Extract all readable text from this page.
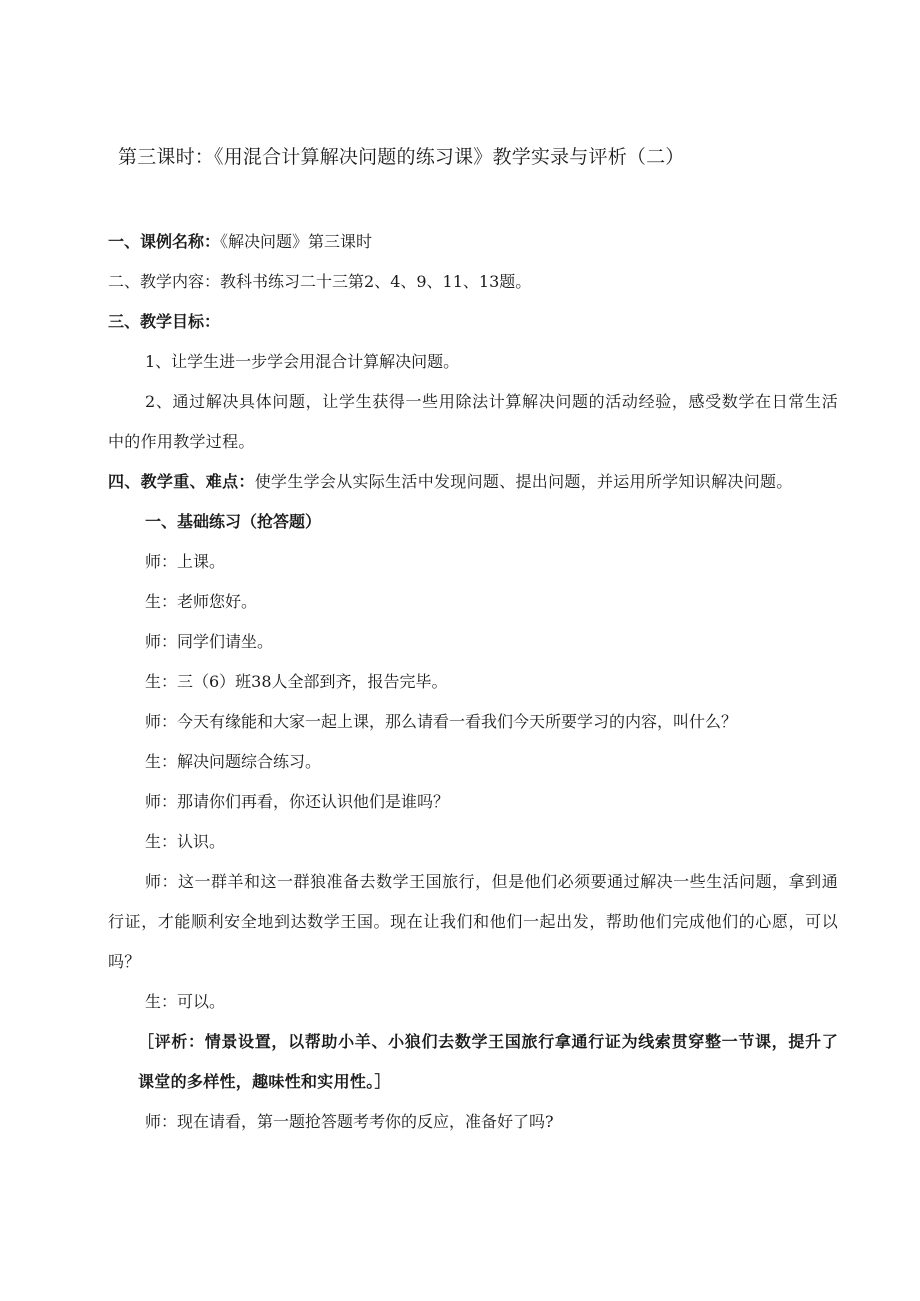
第三课时：《用混合计算解决问题的练习课》教学实录与评析（二）

一、课例名称：《解决问题》第三课时

二、教学内容：教科书练习二十三第2、4、9、11、13题。

三、教学目标：

1、让学生进一步学会用混合计算解决问题。

2、通过解决具体问题，让学生获得一些用除法计算解决问题的活动经验，感受数学在日常生活中的作用教学过程。

四、教学重、难点：使学生学会从实际生活中发现问题、提出问题，并运用所学知识解决问题。

一、基础练习（抢答题）

师：上课。

生：老师您好。

师：同学们请坐。

生：三（6）班38人全部到齐，报告完毕。

师：今天有缘能和大家一起上课，那么请看一看我们今天所要学习的内容，叫什么？

生：解决问题综合练习。

师：那请你们再看，你还认识他们是谁吗？

生：认识。

师：这一群羊和这一群狼准备去数学王国旅行，但是他们必须要通过解决一些生活问题，拿到通行证，才能顺利安全地到达数学王国。现在让我们和他们一起出发，帮助他们完成他们的心愿，可以吗？

生：可以。

［评析：情景设置，以帮助小羊、小狼们去数学王国旅行拿通行证为线索贯穿整一节课，提升了课堂的多样性，趣味性和实用性。］

师：现在请看，第一题抢答题考考你的反应，准备好了吗?
